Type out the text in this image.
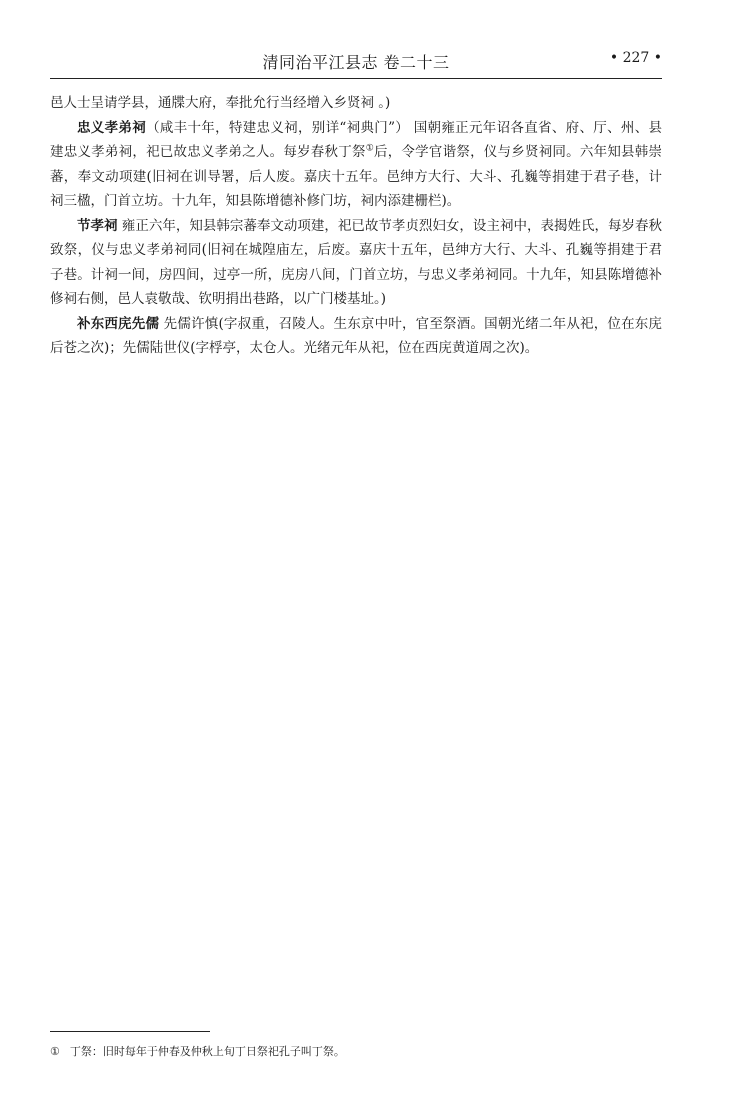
清同治平江县志 卷二十三	• 227 •

邑人士呈请学县，通牒大府，奉批允行当经增入乡贤祠 。)

忠义孝弟祠（咸丰十年，特建忠义祠，别详“祠典门”） 国朝雍正元年诏各直省、府、厅、州、县建忠义孝弟祠，祀已故忠义孝弟之人。每岁春秋丁祭①后，令学官谐祭，仪与乡贤祠同。六年知县韩崇蕃，奉文动项建(旧祠在训导署，后人废。嘉庆十五年。邑绅方大行、大斗、孔巍等捐建于君子巷，计祠三楹，门首立坊。十九年，知县陈增德补修门坊，祠内添建栅栏)。

节孝祠 雍正六年，知县韩宗蕃奉文动项建，祀已故节孝贞烈妇女，设主祠中，表揭姓氏，每岁春秋致祭，仪与忠义孝弟祠同(旧祠在城隍庙左，后废。嘉庆十五年，邑绅方大行、大斗、孔巍等捐建于君子巷。计祠一间，房四间，过亭一所，庑房八间，门首立坊，与忠义孝弟祠同。十九年，知县陈增德补修祠右侧，邑人袁敬哉、钦明捐出巷路，以广门楼基址。)

补东西庑先儒 先儒许慎(字叔重，召陵人。生东京中叶，官至祭酒。国朝光绪二年从祀，位在东庑后苍之次)；先儒陆世仪(字桴亭，太仓人。光绪元年从祀，位在西庑黄道周之次)。

① 丁祭：旧时每年于仲春及仲秋上旬丁日祭祀孔子叫丁祭。
